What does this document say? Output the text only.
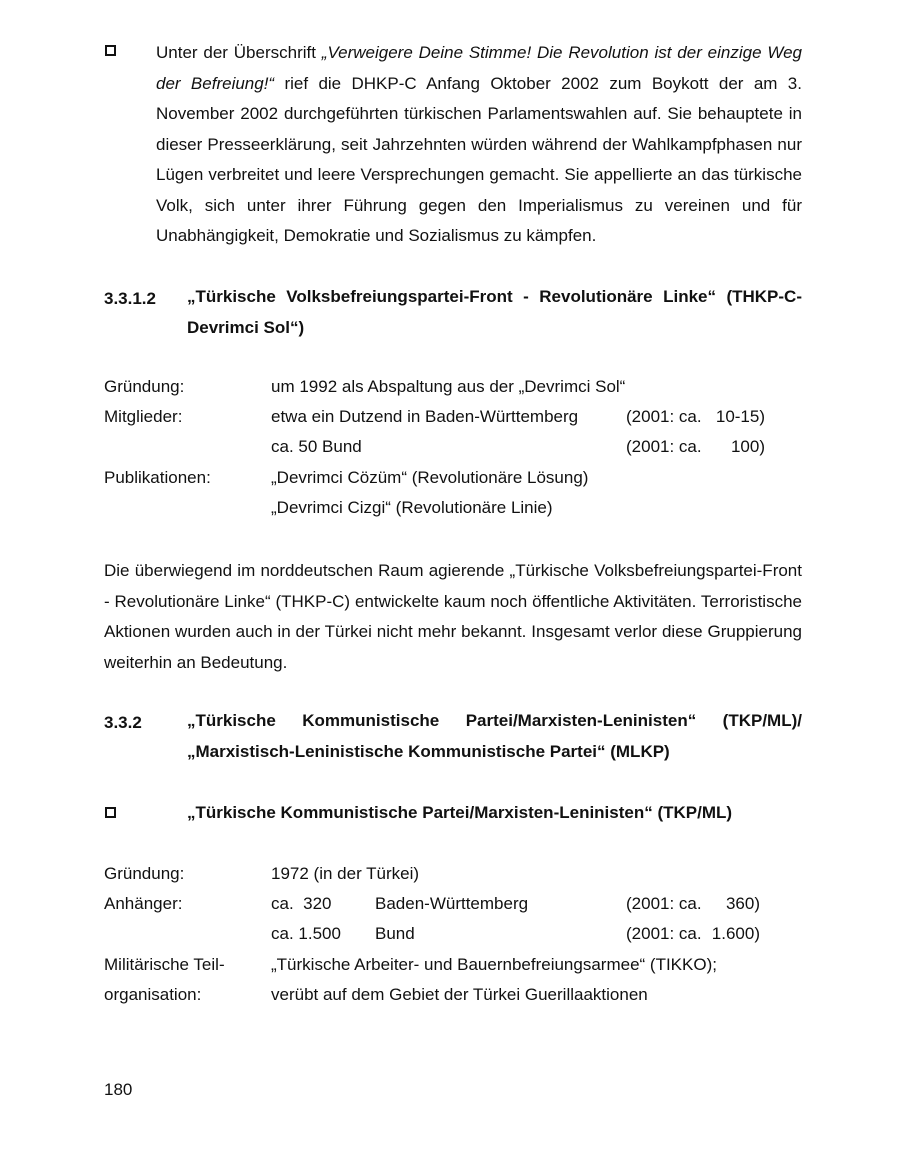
Unter der Überschrift „Verweigere Deine Stimme! Die Revolution ist der einzige Weg der Befreiung!“ rief die DHKP-C Anfang Oktober 2002 zum Boykott der am 3. November 2002 durchgeführten türkischen Parlamentswahlen auf. Sie behauptete in dieser Presseerklärung, seit Jahrzehnten würden während der Wahlkampfphasen nur Lügen verbreitet und leere Versprechungen gemacht. Sie appellierte an das türkische Volk, sich unter ihrer Führung gegen den Imperialismus zu vereinen und für Unabhängigkeit, Demokratie und Sozialismus zu kämpfen.

3.3.1.2 „Türkische Volksbefreiungspartei-Front - Revolutionäre Linke“ (THKP-C-Devrimci Sol“)
Gründung:	um 1992 als Abspaltung aus der „Devrimci Sol“
Mitglieder:	etwa ein Dutzend in Baden-Württemberg	(2001: ca. 10-15)
ca. 50 Bund	(2001: ca.	100)
Publikationen:	„Devrimci Cözüm“ (Revolutionäre Lösung)
„Devrimci Cizgi“ (Revolutionäre Linie)

Die überwiegend im norddeutschen Raum agierende „Türkische Volksbefreiungspartei-Front - Revolutionäre Linke“ (THKP-C) entwickelte kaum noch öffentliche Aktivitäten. Terroristische Aktionen wurden auch in der Türkei nicht mehr bekannt. Insgesamt verlor diese Gruppierung weiterhin an Bedeutung.

3.3.2	„Türkische Kommunistische Partei/Marxisten-Leninisten“ (TKP/ML)/
„Marxistisch-Leninistische Kommunistische Partei“ (MLKP)
„Türkische Kommunistische Partei/Marxisten-Leninisten“ (TKP/ML)
Gründung:	1972 (in der Türkei)
Anhänger:	ca.  320	Baden-Württemberg	(2001: ca.	360)
ca. 1.500 Bund	(2001: ca. 1.600)
Militärische Teil-	„Türkische Arbeiter- und Bauernbefreiungsarmee“ (TIKKO);
organisation:	verübt auf dem Gebiet der Türkei Guerillaaktionen
180
